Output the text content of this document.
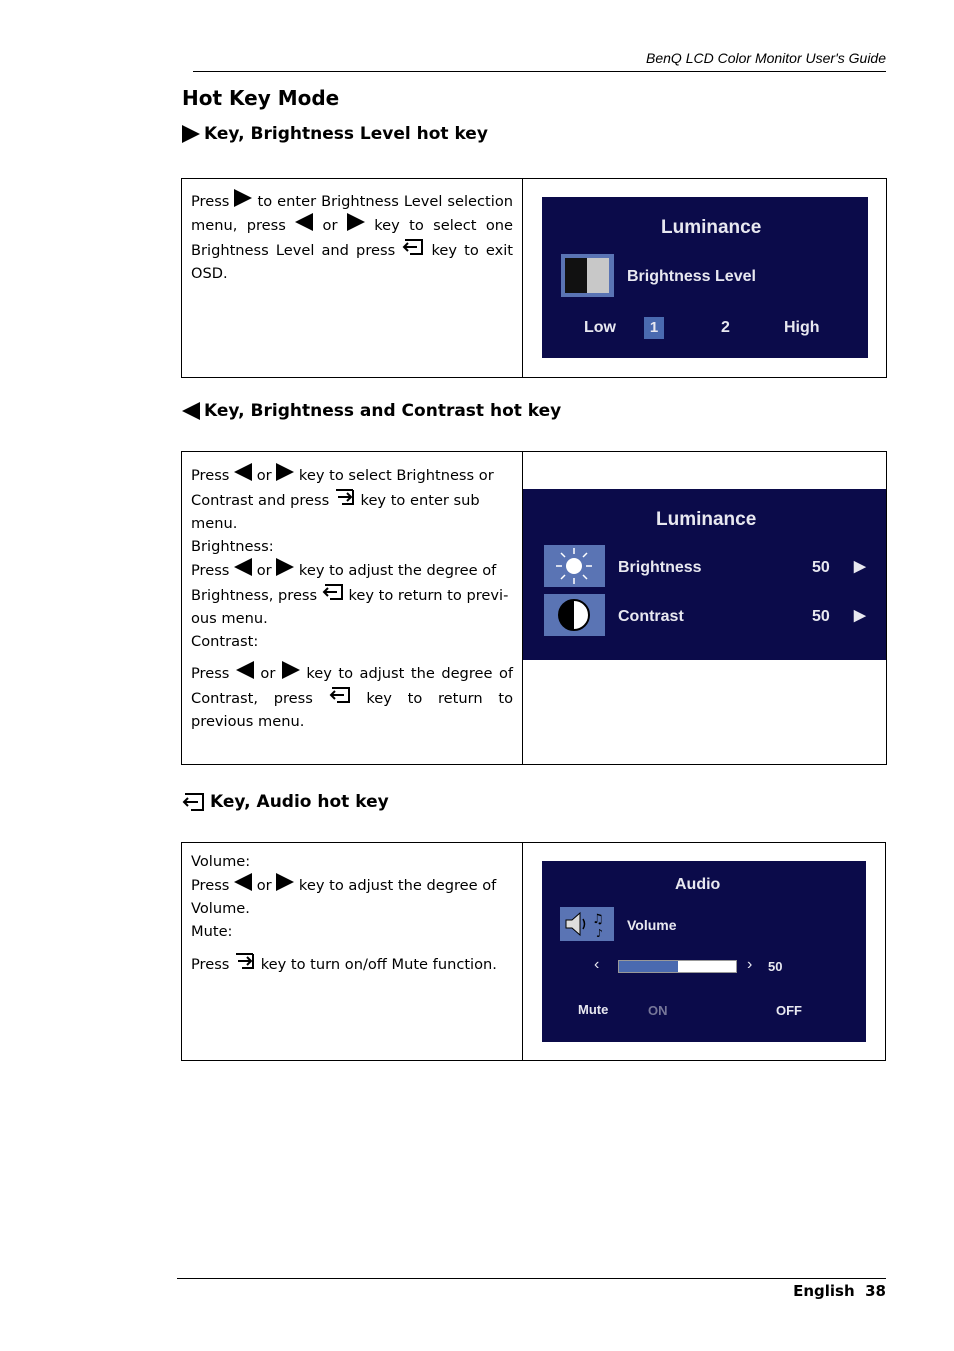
BenQ LCD Color Monitor User's Guide
Hot Key Mode
Key, Brightness Level hot key

Press to enter Brightness Level selection menu, press	or	key to select one Brightness Level and press key to exit OSD.

Luminance
Brightness Level
Low	1	2	High
Key, Brightness and Contrast hot key

Press or key to select Brightness or Contrast and press key to enter sub menu.

Brightness:

Press or key to adjust the degree of Brightness, press key to return to previ-ous menu.

Contrast:

Press or key to adjust the degree of Contrast, press	key to return to previous menu.

Luminance
Brightness	50 ▶
Contrast	50 ▶
Key, Audio hot key

Volume:

Press or key to adjust the degree of Volume.

Mute:

Press key to turn on/off Mute function.

Audio
♫
♪
Volume
‹	› 50
Mute	ON	OFF
English 38
